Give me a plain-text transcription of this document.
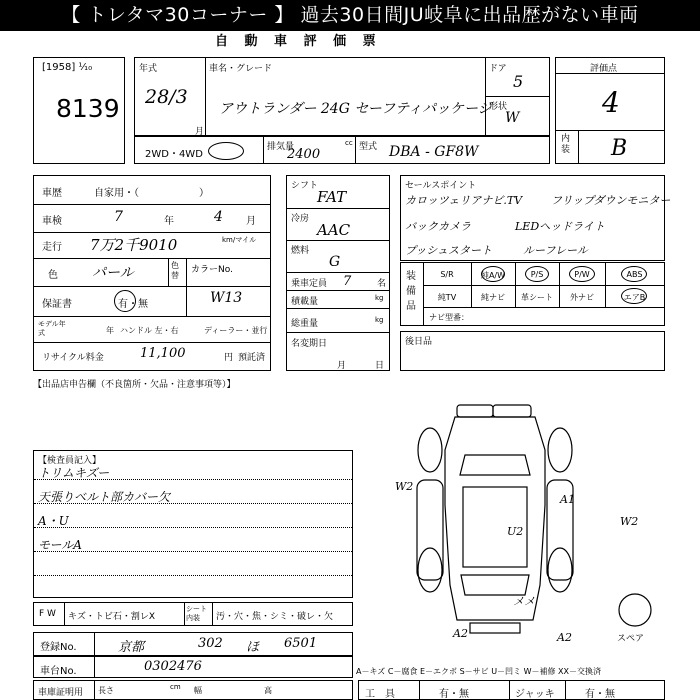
【 トレタマ30コーナー 】 過去30日間JU岐阜に出品歴がない車両
自 動 車 評 価 票
[1958] ¹⁄₁₀
8139
年式
28/3
月
車名・グレード
アウトランダー 24G セーフティパッケージ
ドア
5
形状
W
2WD・4WD
排気量
2400
cc 型式 DBA - GF8W
評価点
4
内装 B
車歴	自家用・（　　　　　　）
車検	7	年	4 月
走行 7万2千9010	km/マイル
色 パール	色替
カラーNo.
保証書	有・無	W13
モデル年式	年 ハンドル 左・右	ディーラー・並行
リサイクル料金	11,100	円 預託済
シフト
FAT
冷房
AAC
燃料
G
乗車定員 7	名
積載量	kg
総重量	kg
名変期日
月	日
セールスポイント
カロッツェリアナビ.TV	フリップダウンモニター
バックカメラ	LEDヘッドライト
プッシュスタート	ルーフレール
装備品
S/R	純A/W	P/S	P/W	ABS
純TV	純ナビ	革シート	外ナビ	エアB
ナビ型番：
後日品
【出品店申告欄（不良箇所・欠品・注意事項等）】
【検査員記入】
トリムキズー
天張りベルト部カバー欠
A・U
モールA
W2
A1
W2
U2
メメ
A2	A2	スペア
F W キズ・トビ石・割レX
シート内装	汚・穴・焦・シミ・破レ・欠
登録No.	京都	302 ほ 6501
車台No.	0302476	A－キズ C－腐食 E－エクボ S－サビ U－凹ミ W－補修 XX－交換済
車庫証明用 長さ	cm 幅	高	工　具	有・無	ジャッキ	有・無
